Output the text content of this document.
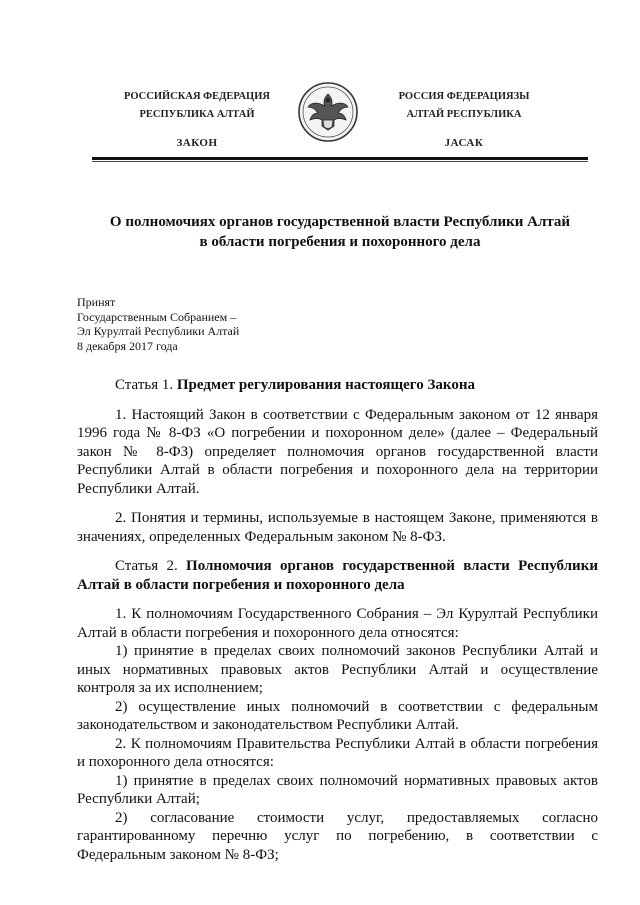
РОССИЙСКАЯ ФЕДЕРАЦИЯ
РЕСПУБЛИКА АЛТАЙ
ЗАКОН
РОССИЯ ФЕДЕРАЦИЯЗЫ
АЛТАЙ РЕСПУБЛИКА
JАСАК
О полномочиях органов государственной власти Республики Алтай
в области погребения и похоронного дела
Принят
Государственным Собранием –
Эл Курултай Республики Алтай
8 декабря 2017 года

Статья 1. Предмет регулирования настоящего Закона

1. Настоящий Закон в соответствии с Федеральным законом от 12 января 1996 года № 8-ФЗ «О погребении и похоронном деле» (далее – Федеральный закон № 8-ФЗ) определяет полномочия органов государственной власти Республики Алтай в области погребения и похоронного дела на территории Республики Алтай.

2. Понятия и термины, используемые в настоящем Законе, применяются в значениях, определенных Федеральным законом № 8-ФЗ.

Статья 2. Полномочия органов государственной власти Республики Алтай в области погребения и похоронного дела

1. К полномочиям Государственного Собрания – Эл Курултай Республики Алтай в области погребения и похоронного дела относятся:

1) принятие в пределах своих полномочий законов Республики Алтай и иных нормативных правовых актов Республики Алтай и осуществление контроля за их исполнением;

2) осуществление иных полномочий в соответствии с федеральным законодательством и законодательством Республики Алтай.

2. К полномочиям Правительства Республики Алтай в области погребения и похоронного дела относятся:

1) принятие в пределах своих полномочий нормативных правовых актов Республики Алтай;

2) согласование стоимости услуг, предоставляемых согласно гарантированному перечню услуг по погребению, в соответствии с Федеральным законом № 8-ФЗ;
